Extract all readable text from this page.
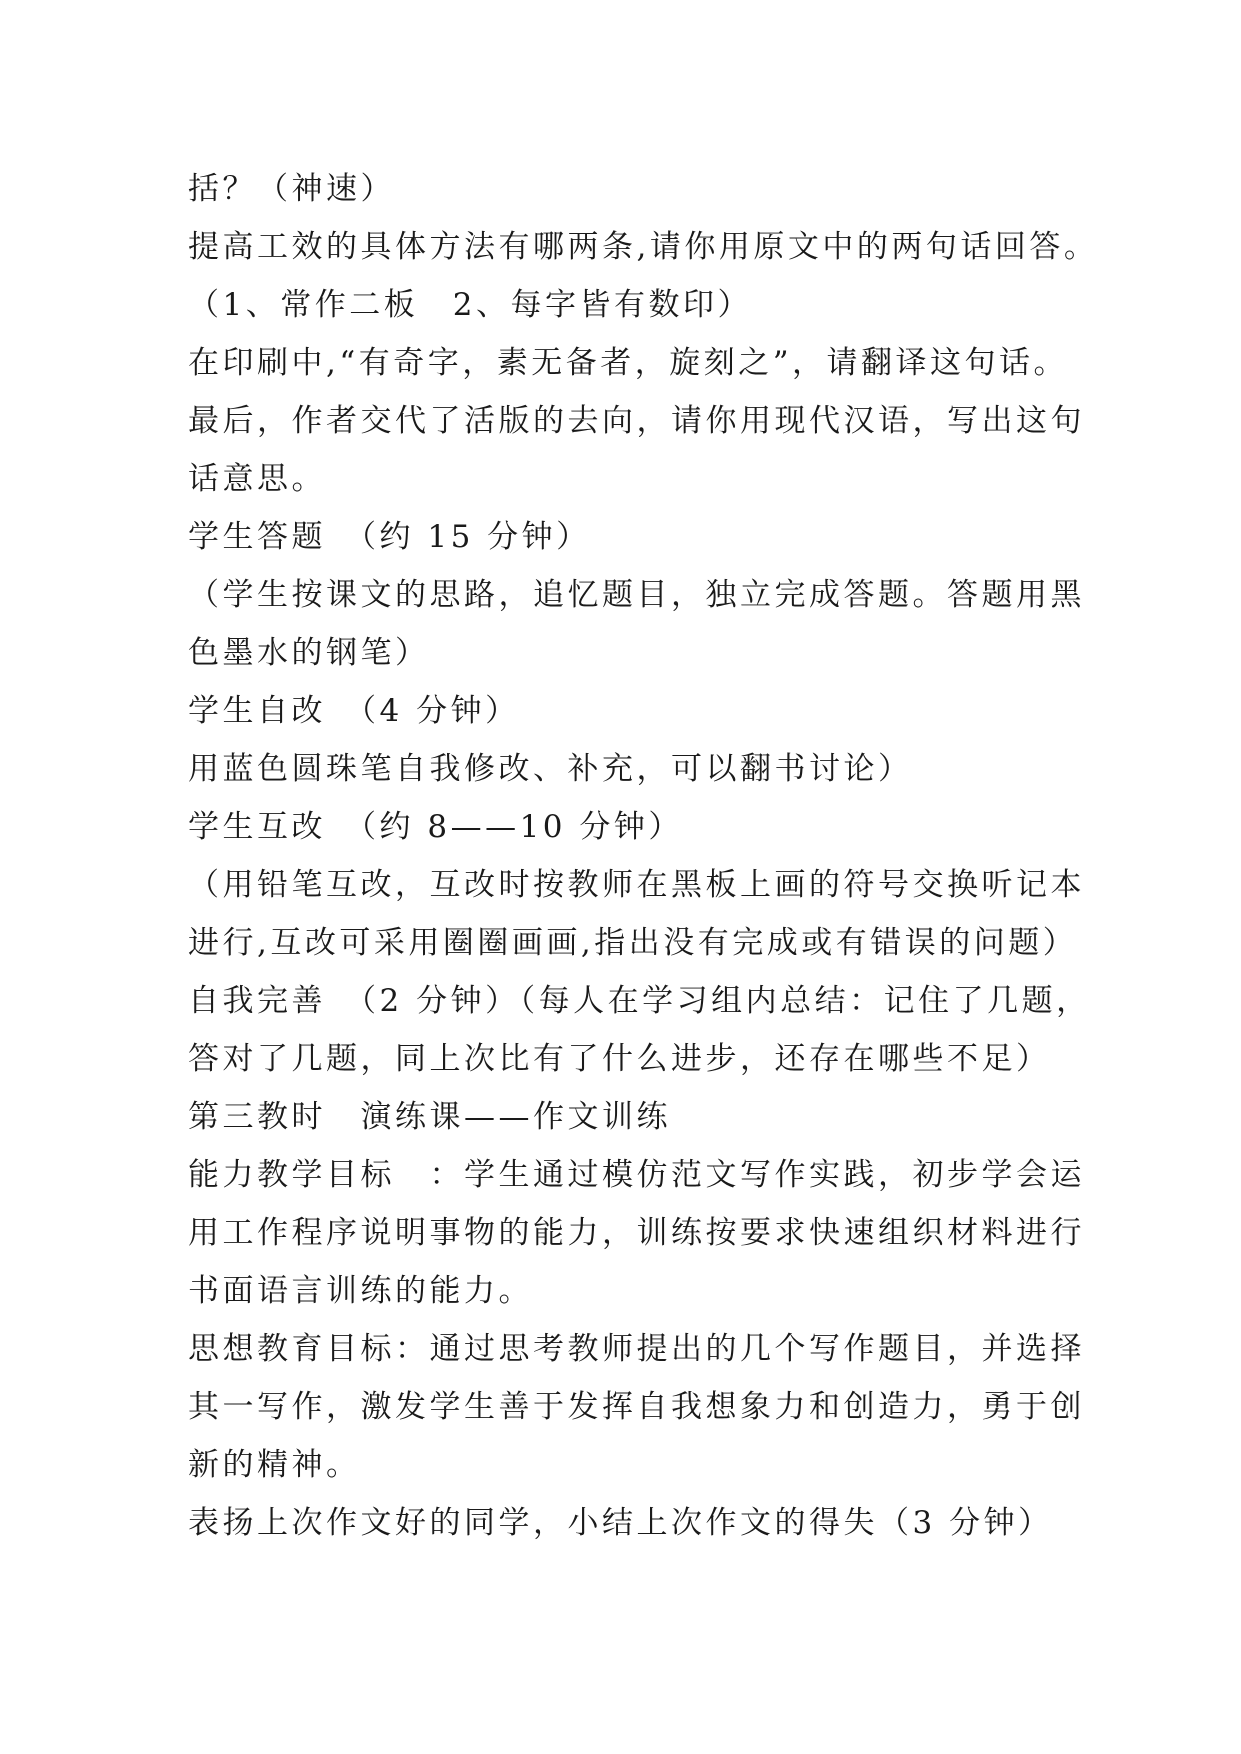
括？（神速）
提高工效的具体方法有哪两条,请你用原文中的两句话回答。
（1、常作二板　2、每字皆有数印）
在印刷中,“有奇字，素无备者，旋刻之”，请翻译这句话。
最后，作者交代了活版的去向，请你用现代汉语，写出这句
话意思。
学生答题　（约 15 分钟）
（学生按课文的思路，追忆题目，独立完成答题。答题用黑
色墨水的钢笔）
学生自改　（4 分钟）
用蓝色圆珠笔自我修改、补充，可以翻书讨论）
学生互改　（约 8——10 分钟）
（用铅笔互改，互改时按教师在黑板上画的符号交换听记本
进行,互改可采用圈圈画画,指出没有完成或有错误的问题）
自我完善　（2 分钟）（每人在学习组内总结：记住了几题，
答对了几题，同上次比有了什么进步，还存在哪些不足）
第三教时　演练课——作文训练
能力教学目标　：学生通过模仿范文写作实践，初步学会运
用工作程序说明事物的能力，训练按要求快速组织材料进行
书面语言训练的能力。
思想教育目标：通过思考教师提出的几个写作题目，并选择
其一写作，激发学生善于发挥自我想象力和创造力，勇于创
新的精神。
表扬上次作文好的同学，小结上次作文的得失（3 分钟）
